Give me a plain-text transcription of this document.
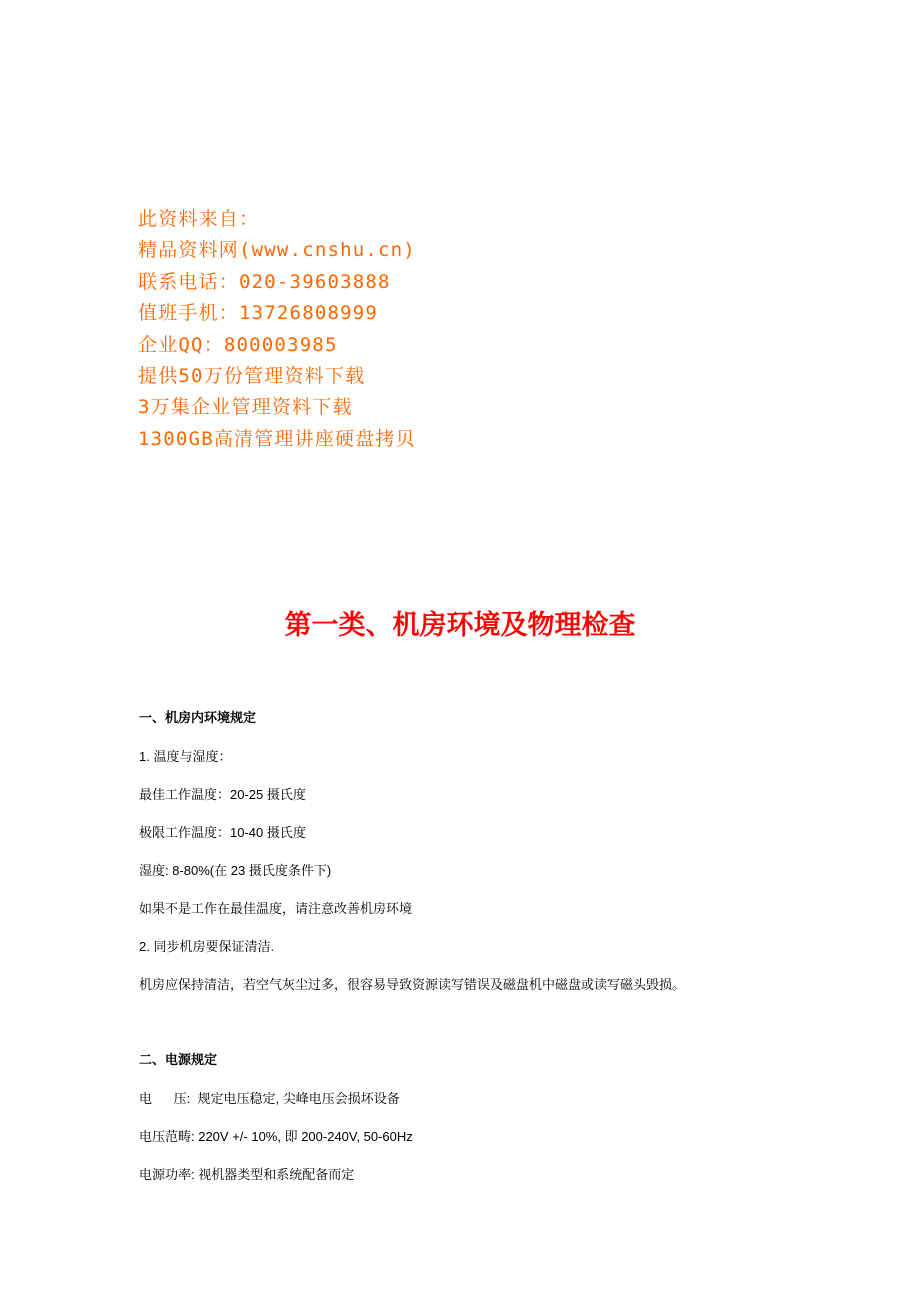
此资料来自：
精品资料网(www.cnshu.cn)
联系电话：020-39603888
值班手机：13726808999
企业QQ：800003985
提供50万份管理资料下载
3万集企业管理资料下载
1300GB高清管理讲座硬盘拷贝
第一类、机房环境及物理检查

一、机房内环境规定

1. 温度与湿度：

最佳工作温度：20-25 摄氏度

极限工作温度：10-40 摄氏度

湿度: 8-80%(在 23 摄氏度条件下)

如果不是工作在最佳温度，请注意改善机房环境

2. 同步机房要保证清洁.

机房应保持清洁，若空气灰尘过多，很容易导致资源读写错误及磁盘机中磁盘或读写磁头毁损。

二、电源规定

电      压:  规定电压稳定, 尖峰电压会损坏设备

电压范畴: 220V +/- 10%, 即 200-240V, 50-60Hz

电源功率: 视机器类型和系统配备而定
